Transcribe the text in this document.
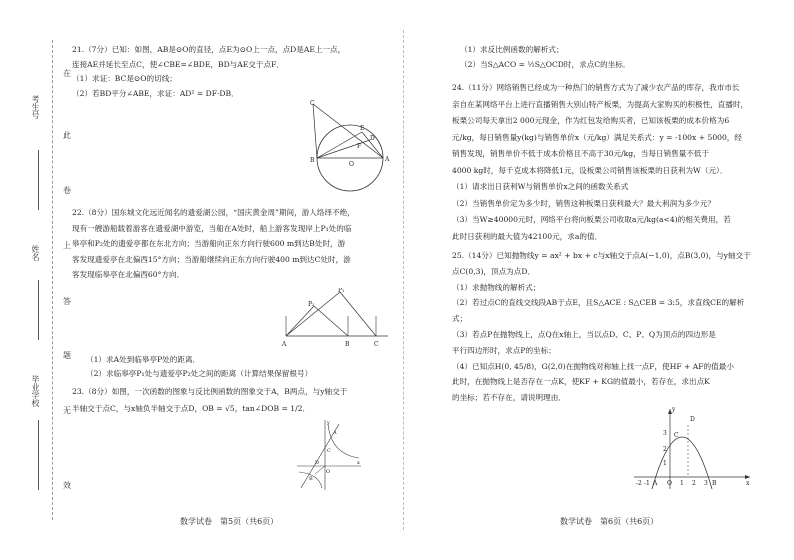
在
此
卷
上
答
题
无
效
考生号
姓名
毕业学校
21.（7分）已知：如图，AB是⊙O的直径，点E为⊙O上一点，点D是AE上一点，
连接AE并延长至点C，使∠CBE=∠BDE，BD与AE交于点F．
（1）求证：BC是⊙O的切线；
（2）若BD平分∠ABE，求证：AD² = DF·DB．
22.（8分）国东城文化远近闻名的遗爱湖公园，“国庆黄金周”期间，游人络绎不绝，
现有一艘游船载着游客在遗爱湖中游览，当船在A处时，船上游客发现岸上P₁处的临
皋亭和P₂处的遗爱亭都在东北方向；当游船向正东方向行驶600 m到达B处时，游
客发现遗爱亭在北偏西15°方向；当游船继续向正东方向行驶400 m到达C处时，游
客发现临皋亭在北偏西60°方向．
（1）求A处到临皋亭P处的距离．
（2）求临皋亭P₁处与遗爱亭P₂处之间的距离（计算结果保留根号）
23.（8分）如图，一次函数的图象与反比例函数的图象交于A，B两点，与y轴交于
半轴交于点C，与x轴负半轴交于点D，OB = √5，tan∠DOB = 1/2．
C
E
D
F
O
A
B
P₁
P₂
A	B	C
y
x
A
B
C
D
O
数学试卷　第5页（共6页）
（1）求反比例函数的解析式；
（2）当S△ACO = ½S△OCD时，求点C的坐标．
24.（11分）网络销售已经成为一种热门的销售方式为了减少农产品的库存，我市市长
亲自在某网络平台上进行直播销售大别山特产板栗，为提高大家购买的积极性，直播时，
板栗公司每天拿出2 000元现金，作为红包发给购买者，已知该板栗的成本价格为6
元/kg，每日销售量y(kg)与销售单价x（元/kg）满足关系式：y = -100x + 5000，经
销售发现，销售单价不低于成本价格且不高于30元/kg，当每日销售量不低于
4000 kg时，每千克成本将降低1元，设板栗公司销售该板栗的日获利为W（元）．
（1）请求出日获利W与销售单价x之间的函数关系式
（2）当销售单价定为多少时，销售这种板栗日获利最大？最大利润为多少元？
（3）当W≥40000元时，网络平台将向板栗公司收取a元/kg(a<4)的相关费用，若
此时日获利的最大值为42100元，求a的值．
25.（14分）已知抛物线y = ax² + bx + c与x轴交于点A(−1,0)，点B(3,0)，与y轴交于
点C(0,3)，顶点为点D．
（1）求抛物线的解析式；
（2）若过点C的直线交线段AB于点E，且S△ACE : S△CEB = 3:5，求直线CE的解析
式；
（3）若点P在抛物线上，点Q在x轴上，当以点D、C、P、Q为顶点的四边形是
平行四边形时，求点P的坐标；
（4）已知点H(0, 45/8)，G(2,0)在抛物线对称轴上找一点F，使HF + AF的值最小
此时，在抛物线上是否存在一点K，使KF + KG的值最小，若存在，求出点K
的坐标；若不存在，请说明理由．
y
x
D
C
A	B
O
-2 -1	1 2 3
3
2
1
数学试卷　第6页（共6页）
